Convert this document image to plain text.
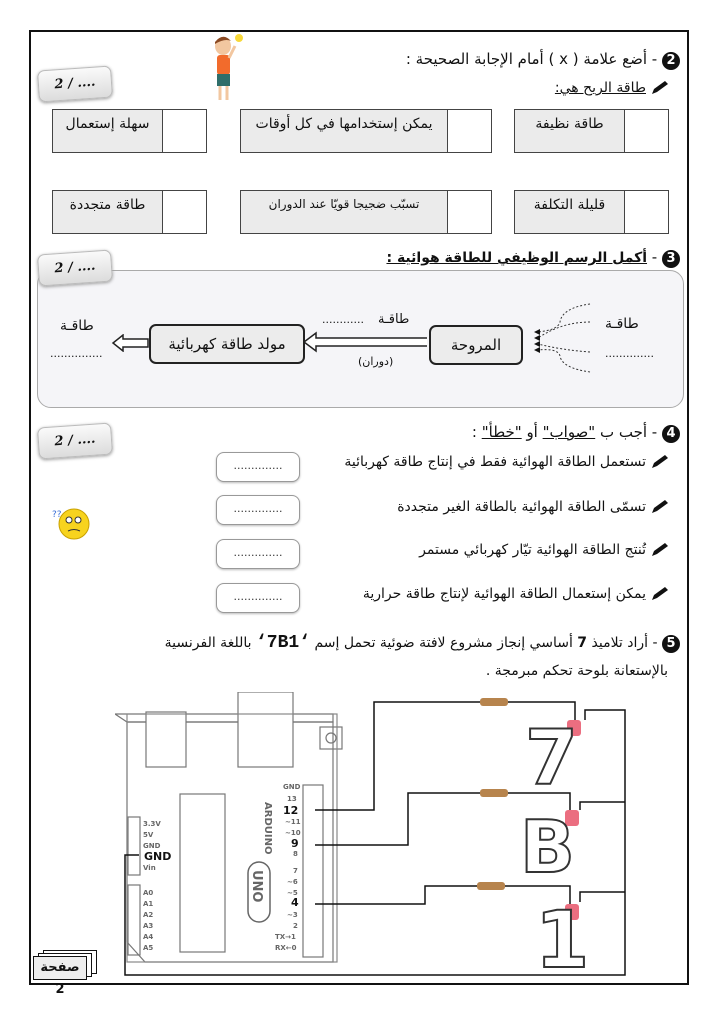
2 - أضع علامة ( x ) أمام الإجابة الصحيحة :
طاقة الريح هي:
2 / ....
طاقة نظيفة
يمكن إستخدامها في كل أوقات
سهلة إستعمال
قليلة التكلفة
تسبّب ضجيجا قويّا عند الدوران
طاقة متجددة
3 - أكمل الرسم الوظيفي للطاقة هوائية :
2 / ....
طاقـة
..............
المروحة
طاقـة
............
(دوران)
مولد طاقة كهربائية
طاقـة
...............
4 - أجب ب "صواب" أو "خطأ" :
2 / ....
??
تستعمل الطاقة الهوائية فقط في إنتاج طاقة كهربائية
..............
تسمّى الطاقة الهوائية بالطاقة الغير متجددة
..............
تُنتج الطاقة الهوائية تيّار كهربائي مستمر
..............
يمكن إستعمال الطاقة الهوائية لإنتاج طاقة حرارية
..............
5 - أراد تلاميذ 7 أساسي إنجاز مشروع لافتة ضوئية تحمل إسم ‘7B1‘ باللغة الفرنسية
بالإستعانة بلوحة تحكم مبرمجة .
3.3V
5V
GND
Vin
A0
A1
A2
A3
A4
A5
GND
13
~11
~10
8
7
~6
~5
~3
2
TX→1
RX←0
GND
12
9
4
ARDUINO
UNO
7
B
1
صفحة 2
